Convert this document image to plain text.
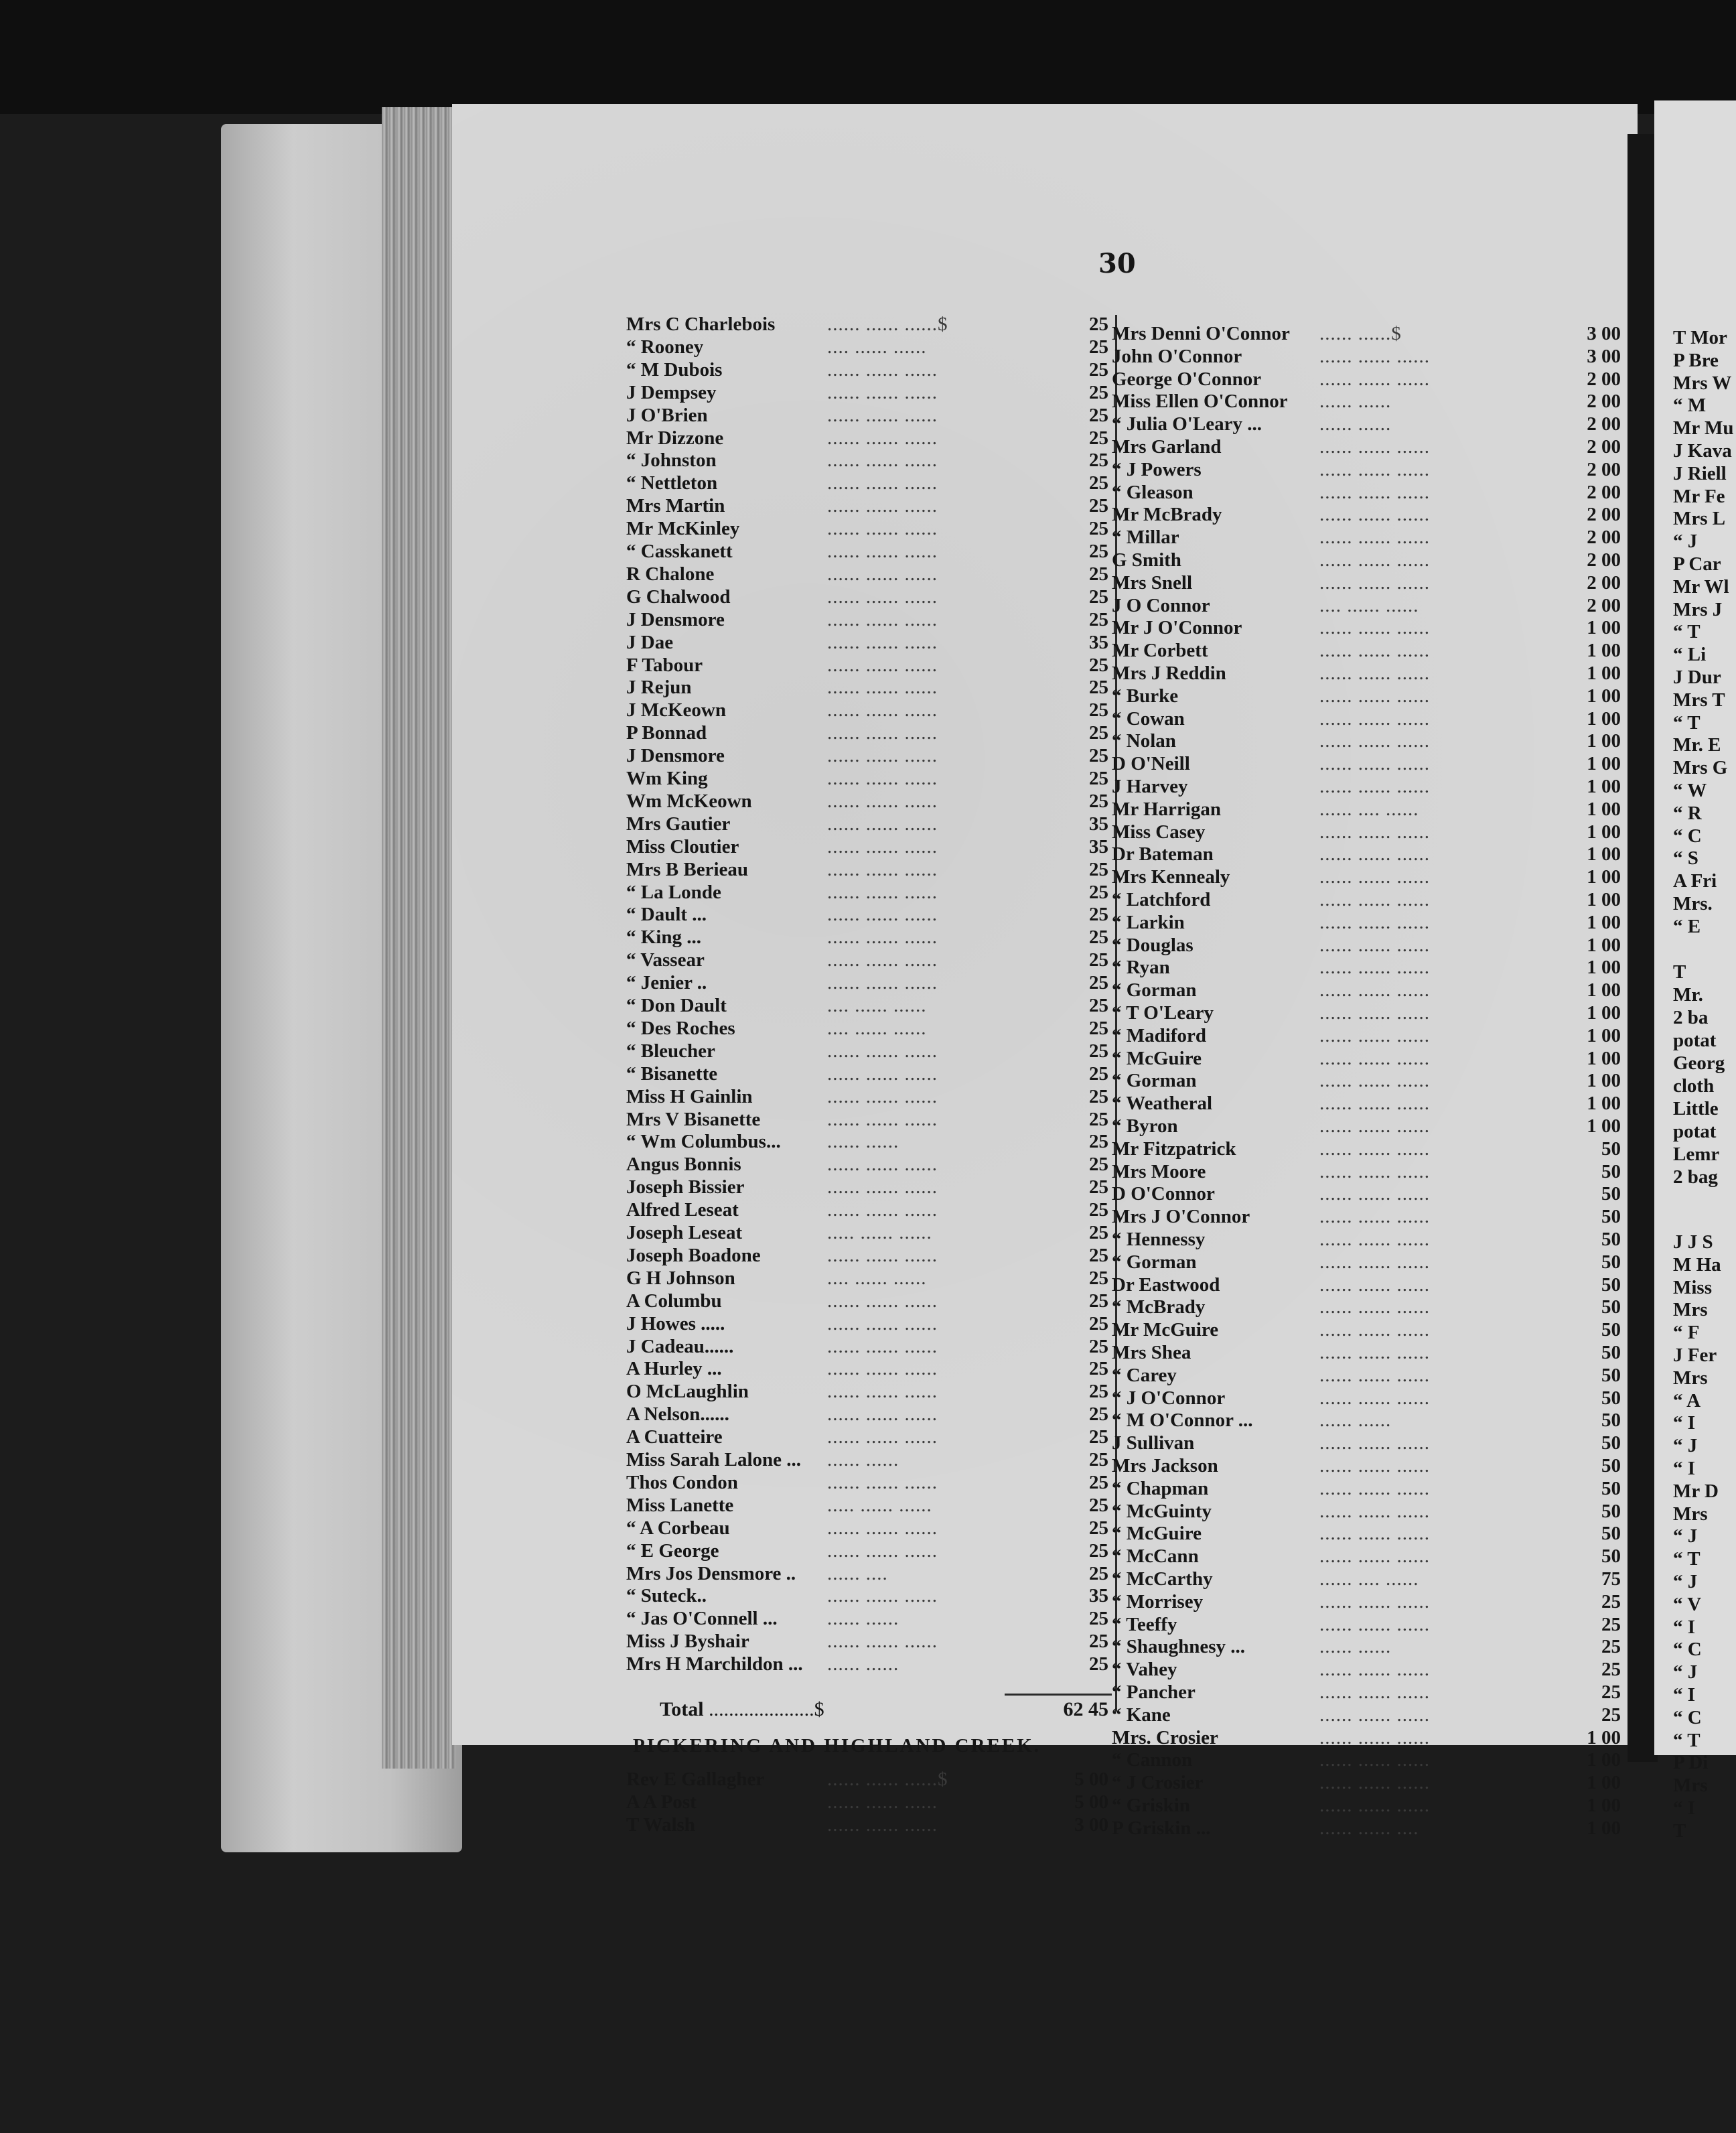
30
Mrs C Charlebois	...... ...... ......$	25
“ Rooney	.... ...... ......	25
“ M Dubois	...... ...... ......	25
J Dempsey	...... ...... ......	25
J O'Brien	...... ...... ......	25
Mr Dizzone	...... ...... ......	25
“ Johnston	...... ...... ......	25
“ Nettleton	...... ...... ......	25
Mrs Martin	...... ...... ......	25
Mr McKinley	...... ...... ......	25
“ Casskanett	...... ...... ......	25
R Chalone	...... ...... ......	25
G Chalwood	...... ...... ......	25
J Densmore	...... ...... ......	25
J Dae	...... ...... ......	35
F Tabour	...... ...... ......	25
J Rejun	...... ...... ......	25
J McKeown	...... ...... ......	25
P Bonnad	...... ...... ......	25
J Densmore	...... ...... ......	25
Wm King	...... ...... ......	25
Wm McKeown	...... ...... ......	25
Mrs Gautier	...... ...... ......	35
Miss Cloutier	...... ...... ......	35
Mrs B Berieau	...... ...... ......	25
“ La Londe	...... ...... ......	25
“ Dault ...	...... ...... ......	25
“ King ...	...... ...... ......	25
“ Vassear	...... ...... ......	25
“ Jenier ..	...... ...... ......	25
“ Don Dault	.... ...... ......	25
“ Des Roches	.... ...... ......	25
“ Bleucher	...... ...... ......	25
“ Bisanette	...... ...... ......	25
Miss H Gainlin	...... ...... ......	25
Mrs V Bisanette	...... ...... ......	25
“ Wm Columbus...	...... ......	25
Angus Bonnis	...... ...... ......	25
Joseph Bissier	...... ...... ......	25
Alfred Leseat	...... ...... ......	25
Joseph Leseat	..... ...... ......	25
Joseph Boadone	...... ...... ......	25
G H Johnson	.... ...... ......	25
A Columbu	...... ...... ......	25
J Howes .....	...... ...... ......	25
J Cadeau......	...... ...... ......	25
A Hurley ...	...... ...... ......	25
O McLaughlin	...... ...... ......	25
A Nelson......	...... ...... ......	25
A Cuatteire	...... ...... ......	25
Miss Sarah Lalone ...	...... ......	25
Thos Condon	...... ...... ......	25
Miss Lanette	..... ...... ......	25
“ A Corbeau	...... ...... ......	25
“ E George	...... ...... ......	25
Mrs Jos Densmore ..	...... ....	25
“ Suteck..	...... ...... ......	35
“ Jas O'Connell ...	...... ......	25
Miss J Byshair	...... ...... ......	25
Mrs H Marchildon ...	...... ......	25
Total .....................$	62 45
PICKERING AND HIGHLAND CREEK.
Rev E Gallagher	...... ...... ......$	5 00
A A Post	...... ...... ......	5 00
T Walsh	...... ...... ......	3 00
Mrs Denni O'Connor	...... ......$	3 00
John O'Connor	...... ...... ......	3 00
George O'Connor	...... ...... ......	2 00
Miss Ellen O'Connor	...... ......	2 00
“ Julia O'Leary ...	...... ......	2 00
Mrs Garland	...... ...... ......	2 00
“ J Powers	...... ...... ......	2 00
“ Gleason	...... ...... ......	2 00
Mr McBrady	...... ...... ......	2 00
“ Millar	...... ...... ......	2 00
G Smith	...... ...... ......	2 00
Mrs Snell	...... ...... ......	2 00
J O Connor	.... ...... ......	2 00
Mr J O'Connor	...... ...... ......	1 00
Mr Corbett	...... ...... ......	1 00
Mrs J Reddin	...... ...... ......	1 00
“ Burke	...... ...... ......	1 00
“ Cowan	...... ...... ......	1 00
“ Nolan	...... ...... ......	1 00
D O'Neill	...... ...... ......	1 00
J Harvey	...... ...... ......	1 00
Mr Harrigan	...... .... ......	1 00
Miss Casey	...... ...... ......	1 00
Dr Bateman	...... ...... ......	1 00
Mrs Kennealy	...... ...... ......	1 00
“ Latchford	...... ...... ......	1 00
“ Larkin	...... ...... ......	1 00
“ Douglas	...... ...... ......	1 00
“ Ryan	...... ...... ......	1 00
“ Gorman	...... ...... ......	1 00
“ T O'Leary	...... ...... ......	1 00
“ Madiford	...... ...... ......	1 00
“ McGuire	...... ...... ......	1 00
“ Gorman	...... ...... ......	1 00
“ Weatheral	...... ...... ......	1 00
“ Byron	...... ...... ......	1 00
Mr Fitzpatrick	...... ...... ......	50
Mrs Moore	...... ...... ......	50
D O'Connor	...... ...... ......	50
Mrs J O'Connor	...... ...... ......	50
“ Hennessy	...... ...... ......	50
“ Gorman	...... ...... ......	50
Dr Eastwood	...... ...... ......	50
“ McBrady	...... ...... ......	50
Mr McGuire	...... ...... ......	50
Mrs Shea	...... ...... ......	50
“ Carey	...... ...... ......	50
“ J O'Connor	...... ...... ......	50
“ M O'Connor ...	...... ......	50
J Sullivan	...... ...... ......	50
Mrs Jackson	...... ...... ......	50
“ Chapman	...... ...... ......	50
“ McGuinty	...... ...... ......	50
“ McGuire	...... ...... ......	50
“ McCann	...... ...... ......	50
“ McCarthy	...... .... ......	75
“ Morrisey	...... ...... ......	25
“ Teeffy	...... ...... ......	25
“ Shaughnesy ...	...... ......	25
“ Vahey	...... ...... ......	25
“ Pancher	...... ...... ......	25
“ Kane	...... ...... ......	25
Mrs. Crosier	...... ...... ......	1 00
“ Cannon	...... ...... ......	1 00
“ J Crosier	...... ...... ......	1 00
“ Griskin	...... ...... ......	1 00
P Griskin ...	...... ...... ....	1 00
T Mor
P Bre
Mrs W
“ M
Mr Mu
J Kava
J Riell
Mr Fe
Mrs L
“ J
P Car
Mr Wl
Mrs J
“ T
“ Li
J Dur
Mrs T
“ T
Mr. E
Mrs G
“ W
“ R
“ C
“ S
A Fri
Mrs.
“ E
T
Mr.
2 ba
potat
Georg
cloth
Little
potat
Lemr
2 bag
J J S
M Ha
Miss
Mrs
“ F
J Fer
Mrs
“ A
“ I
“ J
“ I
Mr D
Mrs
“ J
“ T
“ J
“ V
“ I
“ C
“ J
“ I
“ C
“ T
P Di
Mrs
“ I
T
